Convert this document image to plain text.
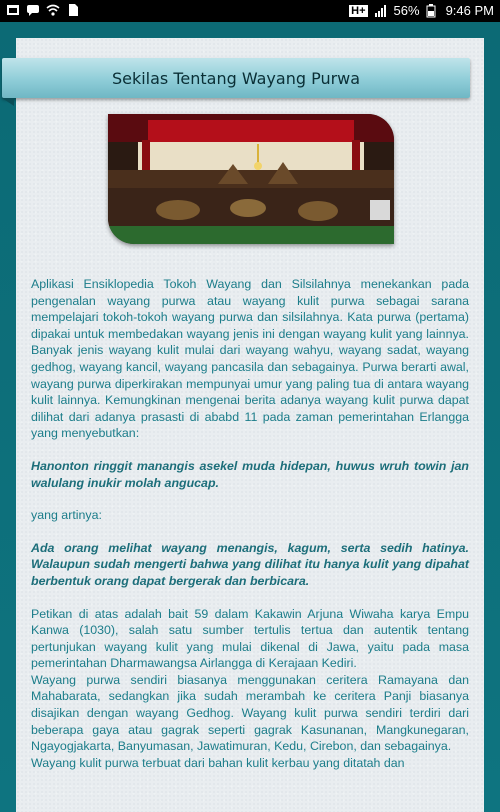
H+ 56% 9:46 PM
Sekilas Tentang Wayang Purwa

Aplikasi Ensiklopedia Tokoh Wayang dan Silsilahnya menekankan pada pengenalan wayang purwa atau wayang kulit purwa sebagai sarana mempelajari tokoh-tokoh wayang purwa dan silsilahnya. Kata purwa (pertama) dipakai untuk membedakan wayang jenis ini dengan wayang kulit yang lainnya. Banyak jenis wayang kulit mulai dari wayang wahyu, wayang sadat, wayang gedhog, wayang kancil, wayang pancasila dan sebagainya. Purwa berarti awal, wayang purwa diperkirakan mempunyai umur yang paling tua di antara wayang kulit lainnya. Kemungkinan mengenai berita adanya wayang kulit purwa dapat dilihat dari adanya prasasti di ababd 11 pada zaman pemerintahan Erlangga yang menyebutkan:

Hanonton ringgit manangis asekel muda hidepan, huwus wruh towin jan walulang inukir molah angucap.

yang artinya:

Ada orang melihat wayang menangis, kagum, serta sedih hatinya. Walaupun sudah mengerti bahwa yang dilihat itu hanya kulit yang dipahat berbentuk orang dapat bergerak dan berbicara.

Petikan di atas adalah bait 59 dalam Kakawin Arjuna Wiwaha karya Empu Kanwa (1030), salah satu sumber tertulis tertua dan autentik tentang pertunjukan wayang kulit yang mulai dikenal di Jawa, yaitu pada masa pemerintahan Dharmawangsa Airlangga di Kerajaan Kediri.

Wayang purwa sendiri biasanya menggunakan ceritera Ramayana dan Mahabarata, sedangkan jika sudah merambah ke ceritera Panji biasanya disajikan dengan wayang Gedhog. Wayang kulit purwa sendiri terdiri dari beberapa gaya atau gagrak seperti gagrak Kasunanan, Mangkunegaran, Ngayogjakarta, Banyumasan, Jawatimuran, Kedu, Cirebon, dan sebagainya.

Wayang kulit purwa terbuat dari bahan kulit kerbau yang ditatah dan
